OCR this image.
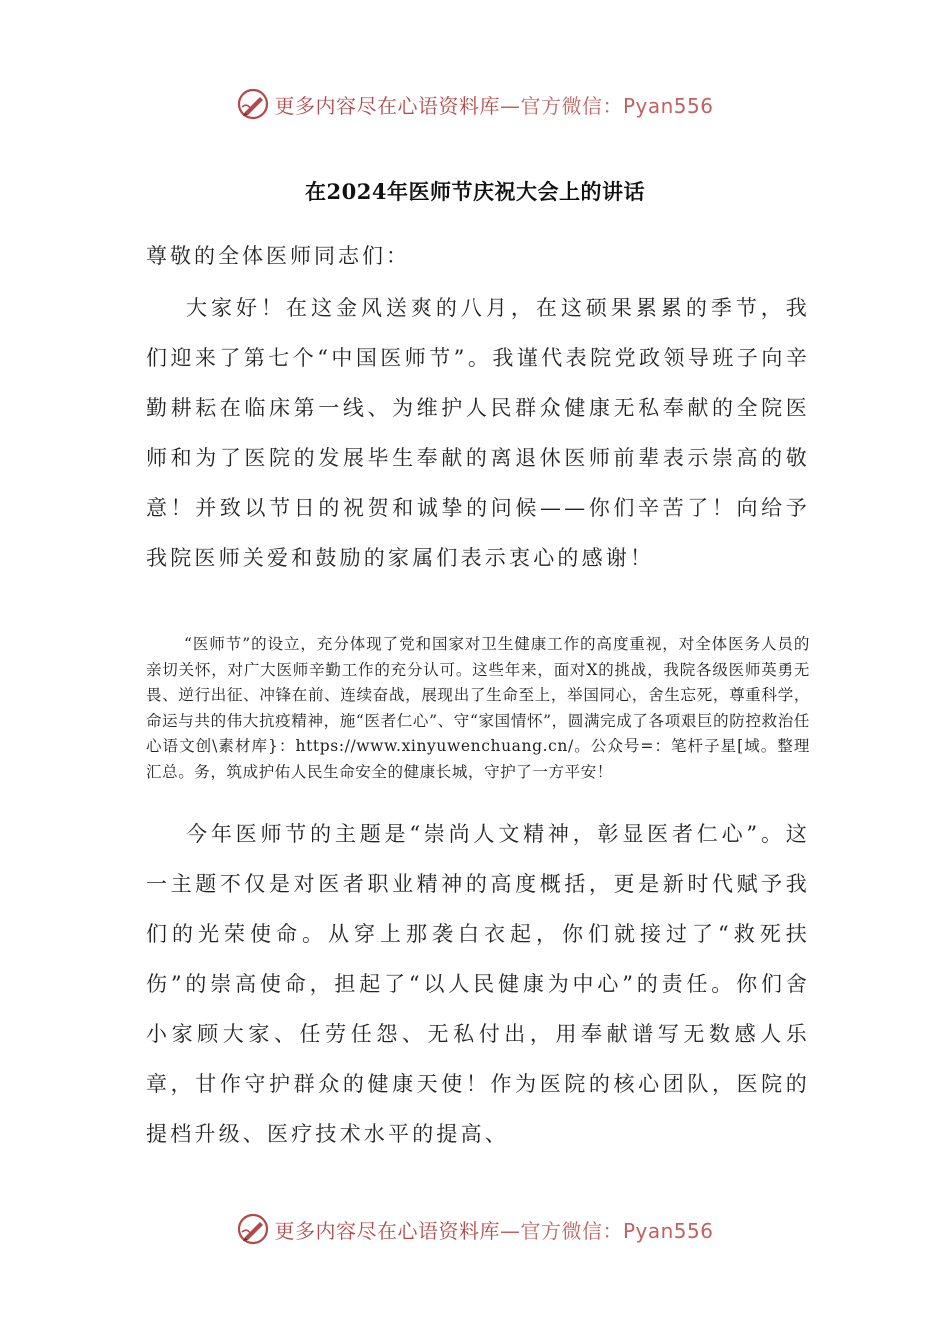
更多内容尽在心语资料库—官方微信：Pyan556
在2024年医师节庆祝大会上的讲话
尊敬的全体医师同志们：

大家好！在这金风送爽的八月，在这硕果累累的季节，我们迎来了第七个“中国医师节”。我谨代表院党政领导班子向辛勤耕耘在临床第一线、为维护人民群众健康无私奉献的全院医师和为了医院的发展毕生奉献的离退休医师前辈表示崇高的敬意！并致以节日的祝贺和诚挚的问候——你们辛苦了！向给予我院医师关爱和鼓励的家属们表示衷心的感谢！

“医师节”的设立，充分体现了党和国家对卫生健康工作的高度重视，对全体医务人员的亲切关怀，对广大医师辛勤工作的充分认可。这些年来，面对X的挑战，我院各级医师英勇无畏、逆行出征、冲锋在前、连续奋战，展现出了生命至上，举国同心，舍生忘死，尊重科学，命运与共的伟大抗疫精神，施“医者仁心”、守“家国情怀”，圆满完成了各项艰巨的防控救治任心语文创\素材库}：https://www.xinyuwenchuang.cn/。公众号=：笔杆子星[域。整理汇总。务，筑成护佑人民生命安全的健康长城，守护了一方平安！

今年医师节的主题是“崇尚人文精神，彰显医者仁心”。这一主题不仅是对医者职业精神的高度概括，更是新时代赋予我们的光荣使命。从穿上那袭白衣起，你们就接过了“救死扶伤”的崇高使命，担起了“以人民健康为中心”的责任。你们舍小家顾大家、任劳任怨、无私付出，用奉献谱写无数感人乐章，甘作守护群众的健康天使！作为医院的核心团队，医院的提档升级、医疗技术水平的提高、

更多内容尽在心语资料库—官方微信：Pyan556
